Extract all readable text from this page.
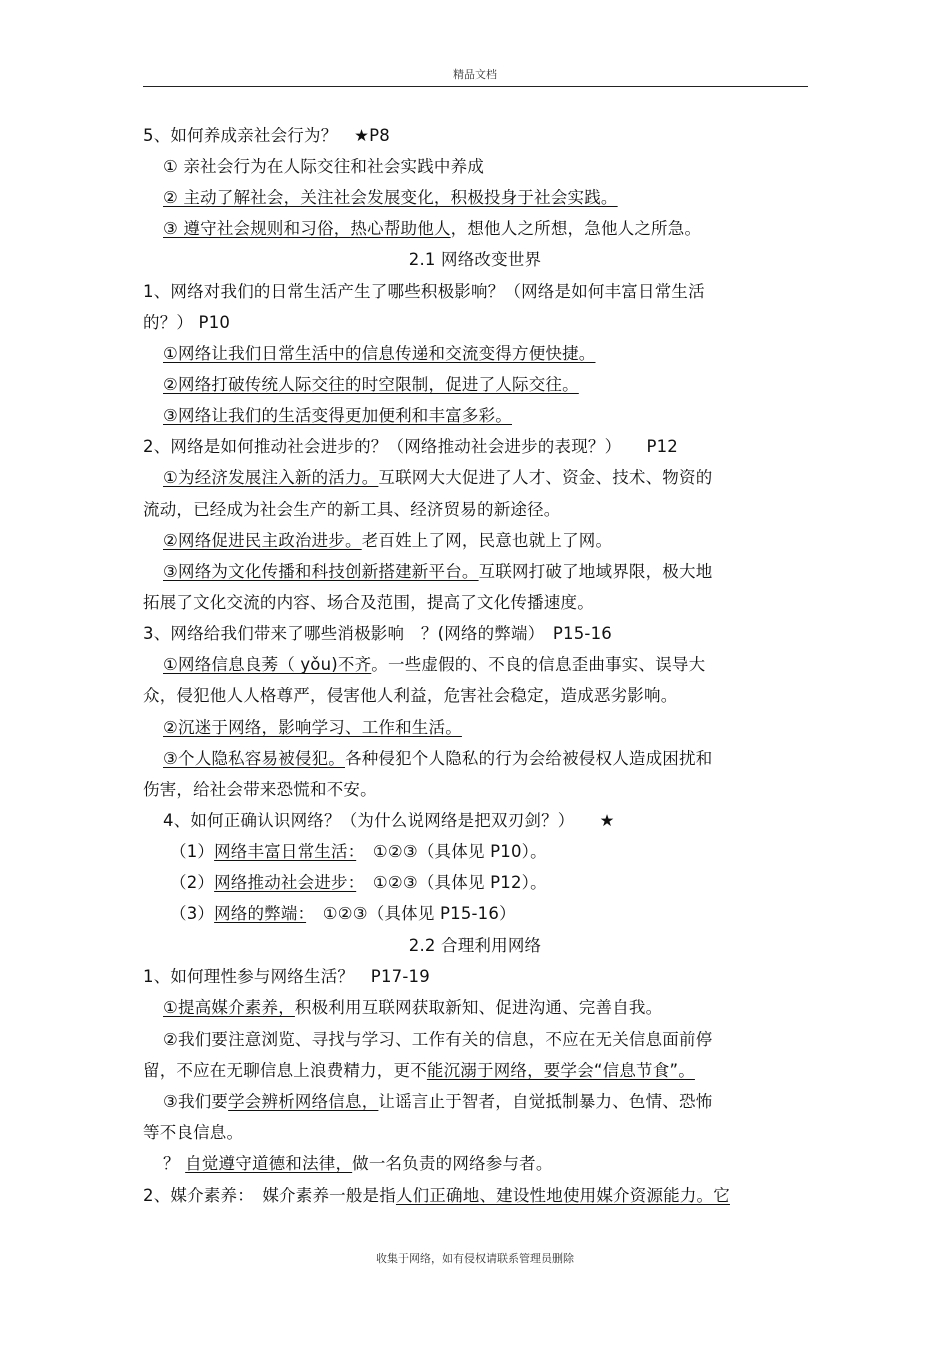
精品文档
5、如何养成亲社会行为？　★P8
① 亲社会行为在人际交往和社会实践中养成
② 主动了解社会，关注社会发展变化，积极投身于社会实践。
③ 遵守社会规则和习俗，热心帮助他人，想他人之所想，急他人之所急。
2.1 网络改变世界
1、网络对我们的日常生活产生了哪些积极影响？（网络是如何丰富日常生活
的？） P10
①网络让我们日常生活中的信息传递和交流变得方便快捷。
②网络打破传统人际交往的时空限制，促进了人际交往。
③网络让我们的生活变得更加便利和丰富多彩。
2、网络是如何推动社会进步的？（网络推动社会进步的表现？）　　P12
①为经济发展注入新的活力。互联网大大促进了人才、资金、技术、物资的
流动，已经成为社会生产的新工具、经济贸易的新途径。
②网络促进民主政治进步。老百姓上了网，民意也就上了网。
③网络为文化传播和科技创新搭建新平台。互联网打破了地域界限，极大地
拓展了文化交流的内容、场合及范围，提高了文化传播速度。
3、网络给我们带来了哪些消极影响　？(网络的弊端）　P15-16
①网络信息良莠（ yǒu)不齐。一些虚假的、不良的信息歪曲事实、误导大
众，侵犯他人人格尊严，侵害他人利益，危害社会稳定，造成恶劣影响。
②沉迷于网络，影响学习、工作和生活。
③个人隐私容易被侵犯。各种侵犯个人隐私的行为会给被侵权人造成困扰和
伤害，给社会带来恐慌和不安。
4、如何正确认识网络？（为什么说网络是把双刃剑？）　　★
（1）网络丰富日常生活：　①②③（具体见 P10）。
（2）网络推动社会进步：　①②③（具体见 P12）。
（3）网络的弊端：　①②③（具体见 P15-16）
2.2 合理利用网络
1、如何理性参与网络生活？　P17-19
①提高媒介素养，积极利用互联网获取新知、促进沟通、完善自我。
②我们要注意浏览、寻找与学习、工作有关的信息，不应在无关信息面前停
留，不应在无聊信息上浪费精力，更不能沉溺于网络，要学会“信息节食”。
③我们要学会辨析网络信息，让谣言止于智者，自觉抵制暴力、色情、恐怖
等不良信息。
？ 自觉遵守道德和法律，做一名负责的网络参与者。
2、媒介素养：　媒介素养一般是指人们正确地、建设性地使用媒介资源能力。它
收集于网络，如有侵权请联系管理员删除
